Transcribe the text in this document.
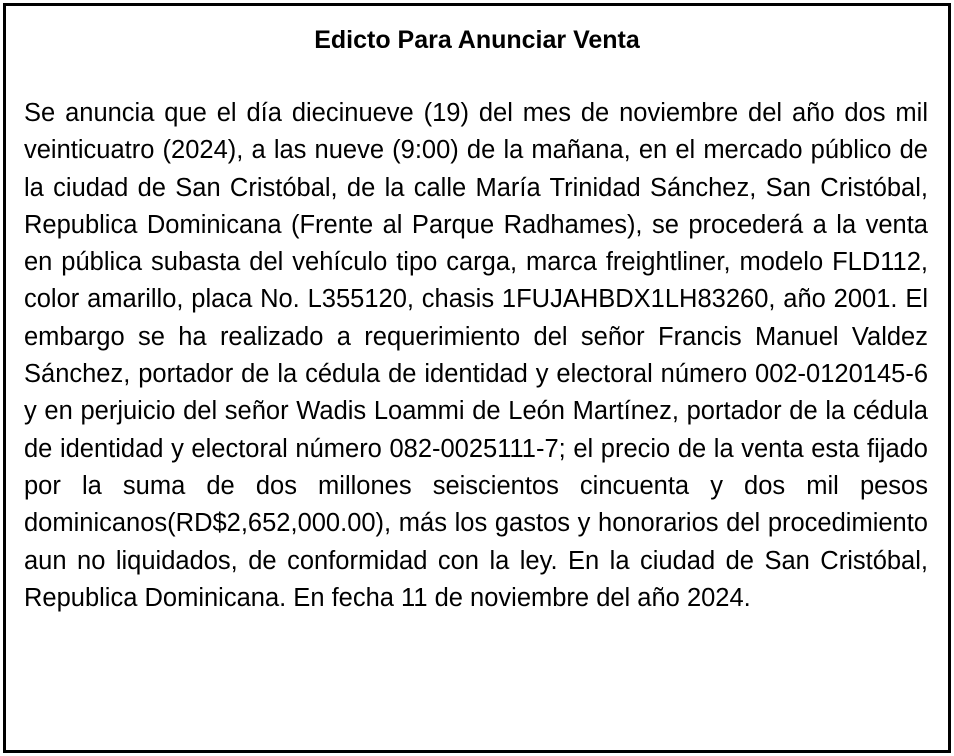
Edicto Para Anunciar Venta

Se anuncia que el día diecinueve (19) del mes de noviembre del año dos mil veinticuatro (2024), a las nueve (9:00) de la mañana, en el mercado público de la ciudad de San Cristóbal, de la calle María Trinidad Sánchez, San Cristóbal, Republica Dominicana (Frente al Parque Radhames), se procederá a la venta en pública subasta del vehículo tipo carga, marca freightliner, modelo FLD112, color amarillo, placa No. L355120, chasis 1FUJAHBDX1LH83260, año 2001. El embargo se ha realizado a requerimiento del señor Francis Manuel Valdez Sánchez, portador de la cédula de identidad y electoral número 002-0120145-6 y en perjuicio del señor Wadis Loammi de León Martínez, portador de la cédula de identidad y electoral número 082-0025111-7; el precio de la venta esta fijado por la suma de dos millones seiscientos cincuenta y dos mil pesos dominicanos(RD$2,652,000.00), más los gastos y honorarios del procedimiento aun no liquidados, de conformidad con la ley. En la ciudad de San Cristóbal, Republica Dominicana. En fecha 11 de noviembre del año 2024.
